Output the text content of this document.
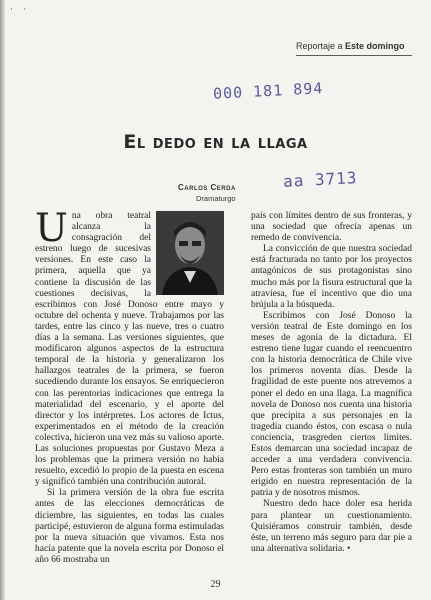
· ·
Reportaje a Este domingo
000 181 894
aa 3713
El dedo en la llaga
Carlos Cerda
Dramaturgo
U na obra teatral alcanza la consagración del estreno luego de sucesivas versiones. En este caso la primera, aquella que ya contiene la discusión de las cuestiones decisivas, la escribimos con José Donoso entre mayo y octubre del ochenta y nueve. Trabajamos por las tardes, entre las cinco y las nueve, tres o cuatro días a la semana. Las versiones siguientes, que modificaron algunos aspectos de la estructura temporal de la historia y generalizaron los hallazgos teatrales de la primera, se fueron sucediendo durante los ensayos. Se enriquecieron con las perentorias indicaciones que entrega la materialidad del escenario, y el aporte del director y los intérpretes. Los actores de Ictus, experimentados en el método de la creación colectiva, hicieron una vez más su valioso aporte. Las soluciones propuestas por Gustavo Meza a los problemas que la primera versión no había resuelto, excedió lo propio de la puesta en escena y significó también una contribución autoral.

Si la primera versión de la obra fue escrita antes de las elecciones democráticas de diciembre, las siguientes, en todas las cuales participé, estuvieron de alguna forma estimuladas por la nueva situación que vivamos. Esta nos hacía patente que la novela escrita por Donoso el año 66 mostraba un

país con límites dentro de sus fronteras, y una sociedad que ofrecía apenas un remedo de convivencia.

La convicción de que nuestra sociedad está fracturada no tanto por los proyectos antagónicos de sus protagonistas sino mucho más por la fisura estructural que la atraviesa, fue el incentivo que dio una brújula a la búsqueda.

Escribimos con José Donoso la versión teatral de Este domingo en los meses de agonía de la dictadura. El estreno tiene lugar cuando el reencuentro con la historia democrática de Chile vive los primeros noventa días. Desde la fragilidad de este puente nos atrevemos a poner el dedo en una llaga. La magnífica novela de Donoso nos cuenta una historia que precipita a sus personajes en la tragedia cuando éstos, con escasa o nula conciencia, trasgreden ciertos límites. Estos demarcan una sociedad incapaz de acceder a una verdadera convivencia. Pero estas fronteras son también un muro erigido en nuestra representación de la patria y de nosotros mismos.

Nuestro dedo hace doler esa herida para plantear un cuestionamiento. Quisiéramos construir también, desde éste, un terreno más seguro para dar pie a una alternativa solidaria. •

29
